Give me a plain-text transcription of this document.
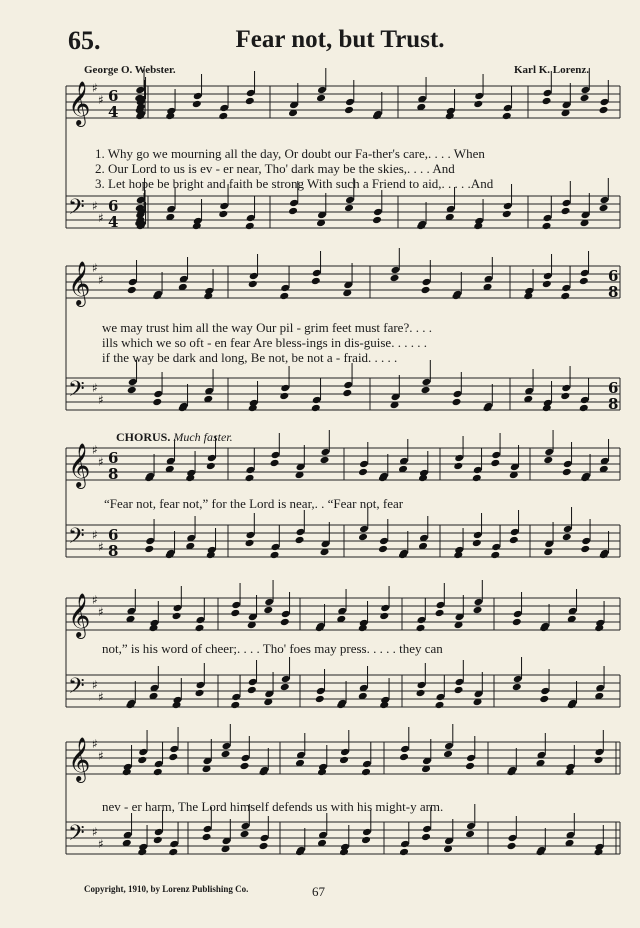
65.	Fear not, but Trust.
George O. Webster.	Karl K. Lorenz.
𝄞 ♯
♯ 6
4
𝄢 ♯
♯
6
4
𝄞 ♯
♯	6
8
𝄢 ♯
♯
6
8
𝄞 ♯
♯ 6
8
𝄢 ♯
♯
6
8
𝄞 ♯
♯
𝄢 ♯
♯
𝄞 ♯
♯
𝄢 ♯
♯
1. Why go we mourning all the day, Or doubt our Fa-ther's care,. . . . When
2. Our Lord to us is ev - er near, Tho' dark may be the skies,. . . . And
3. Let hope be bright and faith be strong With such a Friend to aid,. . . . .And
we may trust him all the way Our pil - grim feet must fare?. . . .
ills which we so oft - en fear Are bless-ings in dis-guise. . . . . .
if the way be dark and long, Be not, be not a - fraid. . . . .
CHORUS. Much faster.
“Fear not, fear not,” for the Lord is near,. . “Fear not, fear
not,” is his word of cheer;. . . . Tho' foes may press. . . . . they can
nev - er harm, The Lord himself defends us with his might-y arm.
Copyright, 1910, by Lorenz Publishing Co.	67
